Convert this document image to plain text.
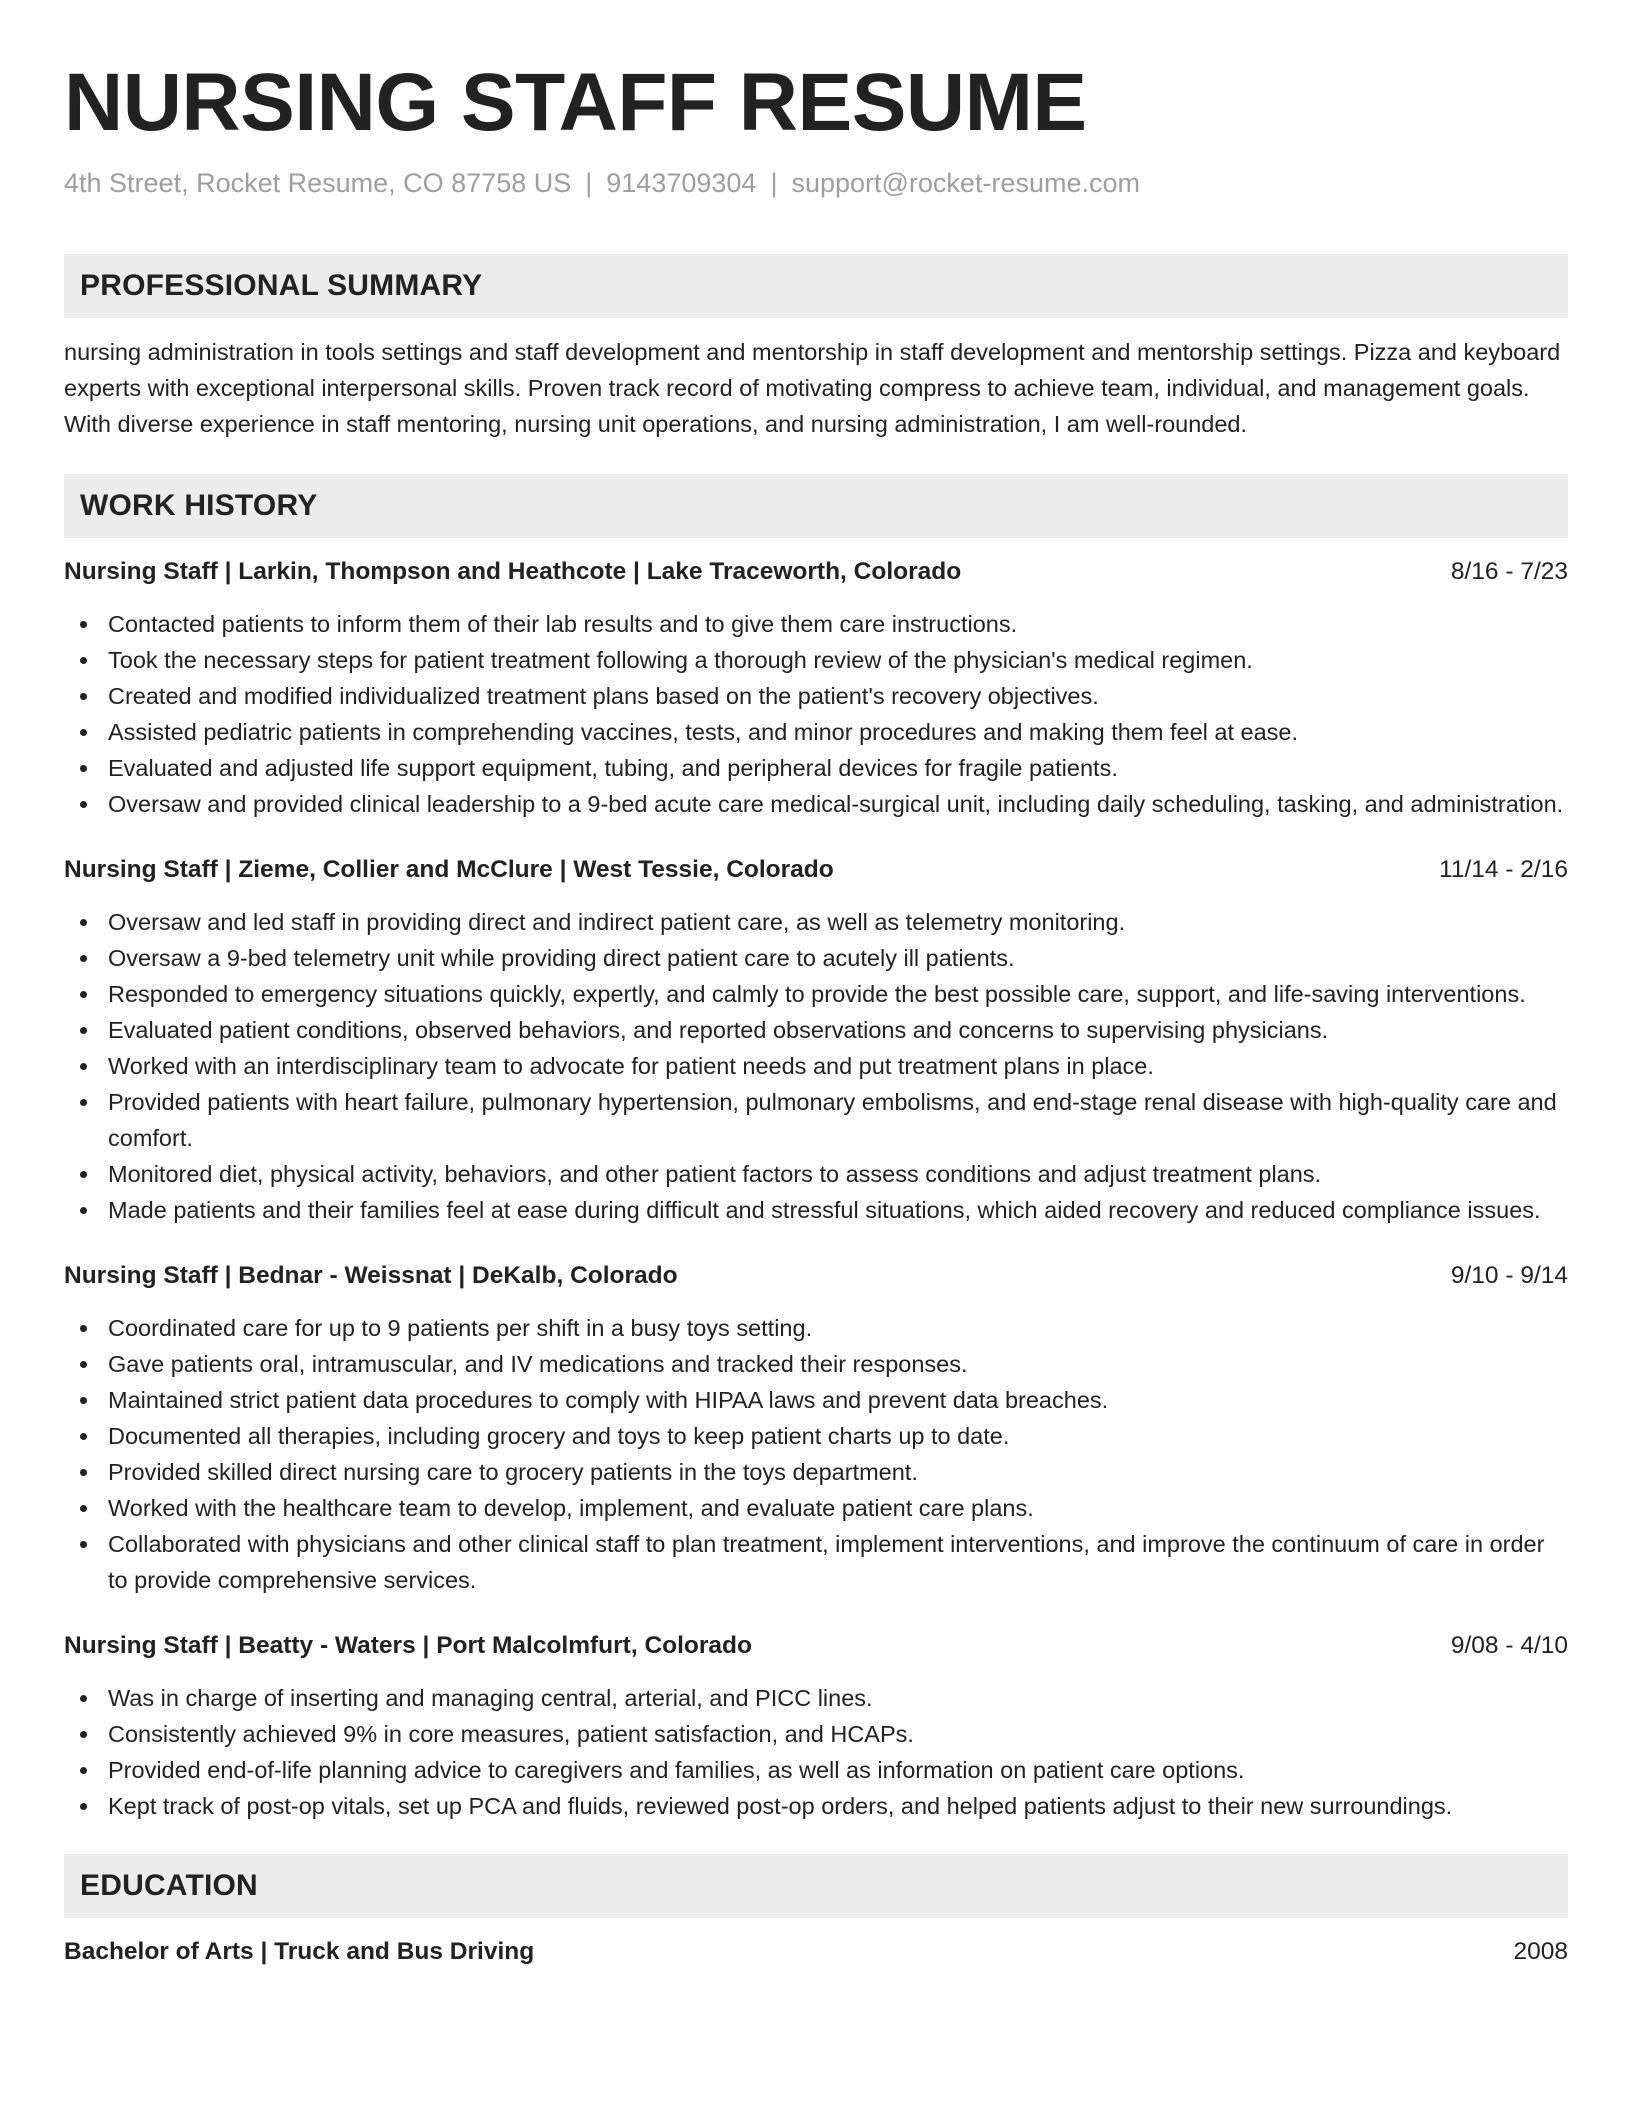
NURSING STAFF RESUME
4th Street, Rocket Resume, CO 87758 US | 9143709304 | support@rocket-resume.com
PROFESSIONAL SUMMARY
nursing administration in tools settings and staff development and mentorship in staff development and mentorship settings. Pizza and keyboard experts with exceptional interpersonal skills. Proven track record of motivating compress to achieve team, individual, and management goals. With diverse experience in staff mentoring, nursing unit operations, and nursing administration, I am well-rounded.
WORK HISTORY
Nursing Staff | Larkin, Thompson and Heathcote | Lake Traceworth, Colorado	8/16 - 7/23
Contacted patients to inform them of their lab results and to give them care instructions.
Took the necessary steps for patient treatment following a thorough review of the physician's medical regimen.
Created and modified individualized treatment plans based on the patient's recovery objectives.
Assisted pediatric patients in comprehending vaccines, tests, and minor procedures and making them feel at ease.
Evaluated and adjusted life support equipment, tubing, and peripheral devices for fragile patients.
Oversaw and provided clinical leadership to a 9-bed acute care medical-surgical unit, including daily scheduling, tasking, and administration.
Nursing Staff | Zieme, Collier and McClure | West Tessie, Colorado	11/14 - 2/16
Oversaw and led staff in providing direct and indirect patient care, as well as telemetry monitoring.
Oversaw a 9-bed telemetry unit while providing direct patient care to acutely ill patients.
Responded to emergency situations quickly, expertly, and calmly to provide the best possible care, support, and life-saving interventions.
Evaluated patient conditions, observed behaviors, and reported observations and concerns to supervising physicians.
Worked with an interdisciplinary team to advocate for patient needs and put treatment plans in place.
Provided patients with heart failure, pulmonary hypertension, pulmonary embolisms, and end-stage renal disease with high-quality care and comfort.
Monitored diet, physical activity, behaviors, and other patient factors to assess conditions and adjust treatment plans.
Made patients and their families feel at ease during difficult and stressful situations, which aided recovery and reduced compliance issues.
Nursing Staff | Bednar - Weissnat | DeKalb, Colorado	9/10 - 9/14
Coordinated care for up to 9 patients per shift in a busy toys setting.
Gave patients oral, intramuscular, and IV medications and tracked their responses.
Maintained strict patient data procedures to comply with HIPAA laws and prevent data breaches.
Documented all therapies, including grocery and toys to keep patient charts up to date.
Provided skilled direct nursing care to grocery patients in the toys department.
Worked with the healthcare team to develop, implement, and evaluate patient care plans.
Collaborated with physicians and other clinical staff to plan treatment, implement interventions, and improve the continuum of care in order to provide comprehensive services.
Nursing Staff | Beatty - Waters | Port Malcolmfurt, Colorado	9/08 - 4/10
Was in charge of inserting and managing central, arterial, and PICC lines.
Consistently achieved 9% in core measures, patient satisfaction, and HCAPs.
Provided end-of-life planning advice to caregivers and families, as well as information on patient care options.
Kept track of post-op vitals, set up PCA and fluids, reviewed post-op orders, and helped patients adjust to their new surroundings.
EDUCATION
Bachelor of Arts | Truck and Bus Driving	2008
